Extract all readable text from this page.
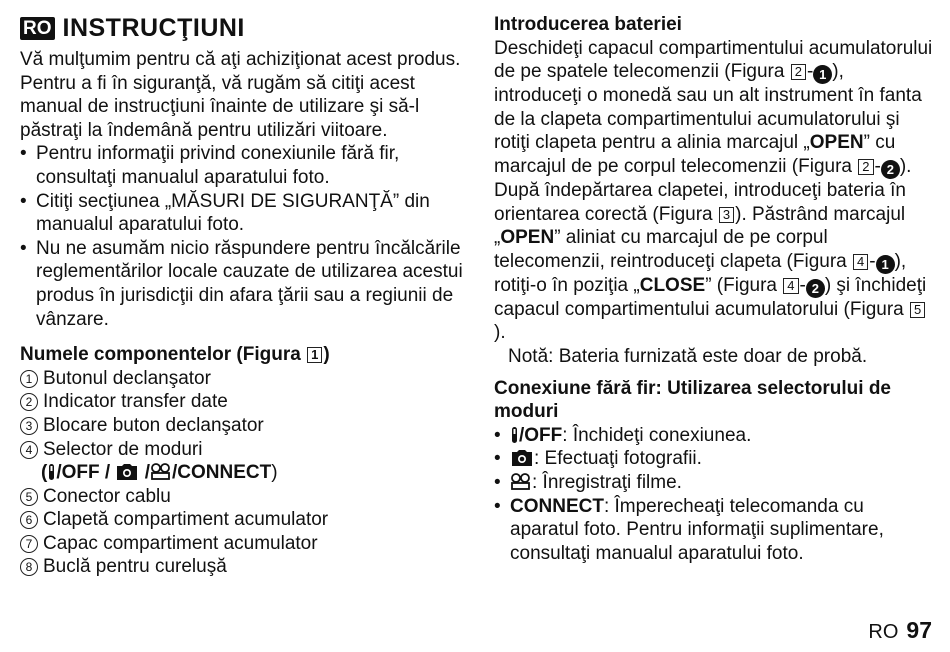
RO INSTRUCŢIUNI

Vă mulţumim pentru că aţi achiziţionat acest produs.

Pentru a fi în siguranţă, vă rugăm să citiţi acest manual de instrucţiuni înainte de utilizare şi să-l păstraţi la îndemână pentru utilizări viitoare.

• Pentru informaţii privind conexiunile fără fir, consultaţi manualul aparatului foto.
• Citiţi secţiunea „MĂSURI DE SIGURANŢĂ” din manualul aparatului foto.
• Nu ne asumăm nicio răspundere pentru încălcările reglementărilor locale cauzate de utilizarea acestui produs în jurisdicţii din afara ţării sau a regiunii de vânzare.

Numele componentelor (Figura 1 )

1 Butonul declanşator
2 Indicator transfer date
3 Blocare buton declanşator
4 Selector de moduri
( /OFF / / /CONNECT)
5 Conector cablu
6 Clapetă compartiment acumulator
7 Capac compartiment acumulator
8 Buclă pentru cureluşă

Introducerea bateriei

Deschideţi capacul compartimentului acumulatorului de pe spatele telecomenzii (Figura 2 - 1 ), introduceţi o monedă sau un alt instrument în fanta de la clapeta compartimentului acumulatorului şi rotiţi clapeta pentru a alinia marcajul „OPEN” cu marcajul de pe corpul telecomenzii (Figura 2 - 2 ). După îndepărtarea clapetei, introduceţi bateria în orientarea corectă (Figura 3 ). Păstrând marcajul „OPEN” aliniat cu marcajul de pe corpul telecomenzii, reintroduceţi clapeta (Figura 4 - 1 ), rotiţi-o în poziţia „CLOSE” (Figura 4 - 2 ) şi închideţi capacul compartimentului acumulatorului (Figura 5).

Notă: Bateria furnizată este doar de probă.

Conexiune fără fir: Utilizarea selectorului de moduri

• /OFF: Închideţi conexiunea.
• : Efectuaţi fotografii.
• : Înregistraţi filme.
• CONNECT: Împerecheaţi telecomanda cu aparatul foto. Pentru informaţii suplimentare, consultaţi manualul aparatului foto.
RO 97
